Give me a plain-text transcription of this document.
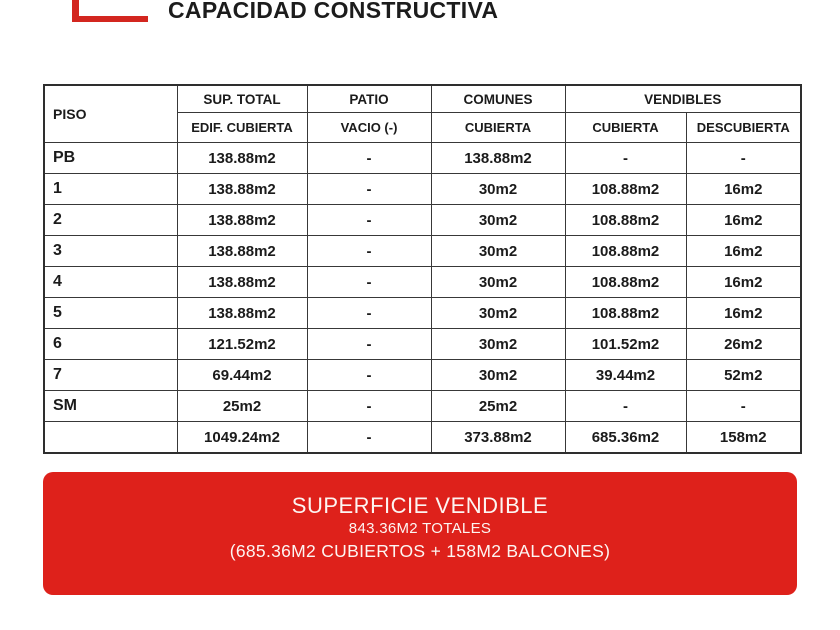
CAPACIDAD CONSTRUCTIVA
PISO	SUP. TOTAL	PATIO	COMUNES	VENDIBLES	
	EDIF. CUBIERTA	VACIO (-)	CUBIERTA	CUBIERTA	DESCUBIERTA
PB	138.88m2	-	138.88m2	-	-
1	138.88m2	-	30m2	108.88m2	16m2
2	138.88m2	-	30m2	108.88m2	16m2
3	138.88m2	-	30m2	108.88m2	16m2
4	138.88m2	-	30m2	108.88m2	16m2
5	138.88m2	-	30m2	108.88m2	16m2
6	121.52m2	-	30m2	101.52m2	26m2
7	69.44m2	-	30m2	39.44m2	52m2
SM	25m2	-	25m2	-	-
	1049.24m2	-	373.88m2	685.36m2	158m2
SUPERFICIE VENDIBLE
843.36M2 TOTALES
(685.36M2 CUBIERTOS + 158M2 BALCONES)
